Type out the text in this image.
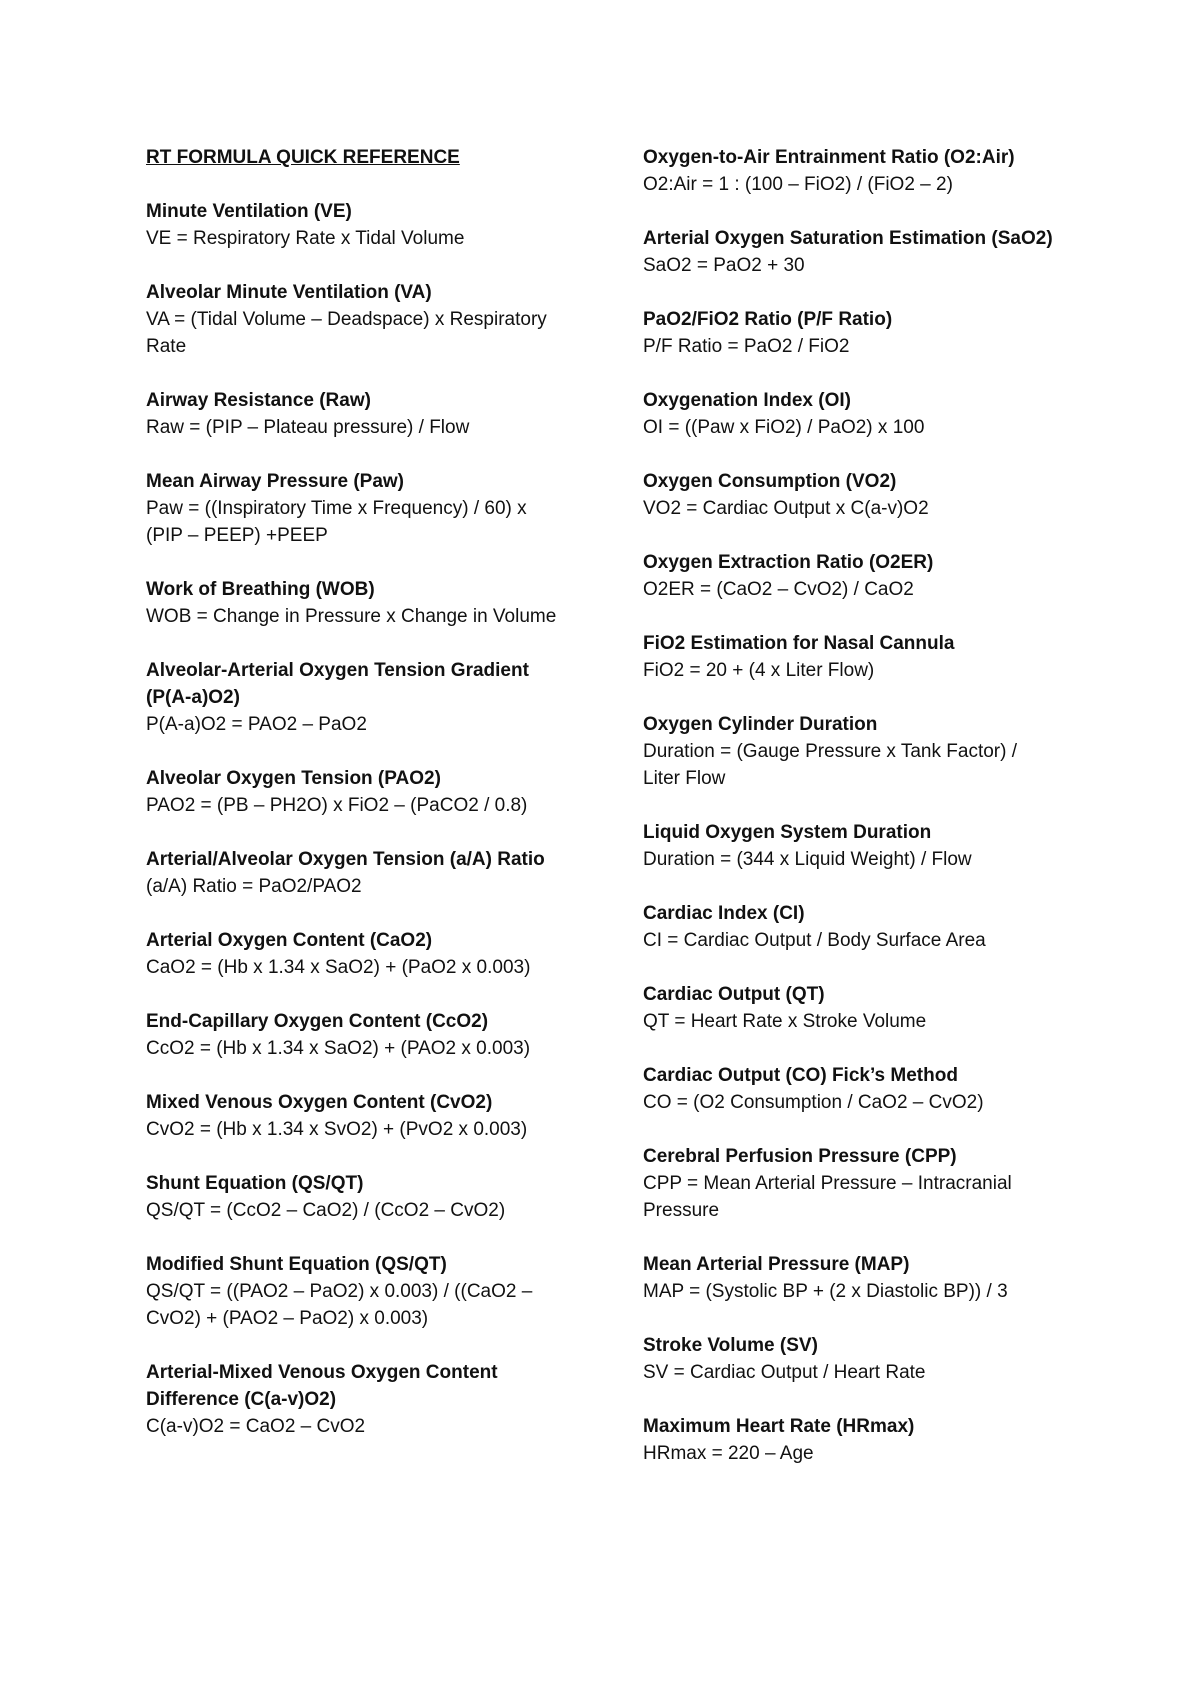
RT FORMULA QUICK REFERENCE
Minute Ventilation (VE)
VE = Respiratory Rate x Tidal Volume
Alveolar Minute Ventilation (VA)
VA = (Tidal Volume – Deadspace) x Respiratory Rate
Airway Resistance (Raw)
Raw = (PIP – Plateau pressure) / Flow
Mean Airway Pressure (Paw)
Paw = ((Inspiratory Time x Frequency) / 60) x (PIP – PEEP) +PEEP
Work of Breathing (WOB)
WOB = Change in Pressure x Change in Volume
Alveolar-Arterial Oxygen Tension Gradient (P(A-a)O2)
P(A-a)O2 = PAO2 – PaO2
Alveolar Oxygen Tension (PAO2)
PAO2 = (PB – PH2O) x FiO2 – (PaCO2 / 0.8)
Arterial/Alveolar Oxygen Tension (a/A) Ratio
(a/A) Ratio = PaO2/PAO2
Arterial Oxygen Content (CaO2)
CaO2 = (Hb x 1.34 x SaO2) + (PaO2 x 0.003)
End-Capillary Oxygen Content (CcO2)
CcO2 = (Hb x 1.34 x SaO2) + (PAO2 x 0.003)
Mixed Venous Oxygen Content (CvO2)
CvO2 = (Hb x 1.34 x SvO2) + (PvO2 x 0.003)
Shunt Equation (QS/QT)
QS/QT = (CcO2 – CaO2) / (CcO2 – CvO2)
Modified Shunt Equation (QS/QT)
QS/QT = ((PAO2 – PaO2) x 0.003) / ((CaO2 – CvO2) + (PAO2 – PaO2) x 0.003)
Arterial-Mixed Venous Oxygen Content Difference (C(a-v)O2)
C(a-v)O2 = CaO2 – CvO2
Oxygen-to-Air Entrainment Ratio (O2:Air)
O2:Air = 1 : (100 – FiO2) / (FiO2 – 2)
Arterial Oxygen Saturation Estimation (SaO2)
SaO2 = PaO2 + 30
PaO2/FiO2 Ratio (P/F Ratio)
P/F Ratio = PaO2 / FiO2
Oxygenation Index (OI)
OI = ((Paw x FiO2) / PaO2) x 100
Oxygen Consumption (VO2)
VO2 = Cardiac Output x C(a-v)O2
Oxygen Extraction Ratio (O2ER)
O2ER = (CaO2 – CvO2) / CaO2
FiO2 Estimation for Nasal Cannula
FiO2 = 20 + (4 x Liter Flow)
Oxygen Cylinder Duration
Duration = (Gauge Pressure x Tank Factor) / Liter Flow
Liquid Oxygen System Duration
Duration = (344 x Liquid Weight) / Flow
Cardiac Index (CI)
CI = Cardiac Output / Body Surface Area
Cardiac Output (QT)
QT = Heart Rate x Stroke Volume
Cardiac Output (CO) Fick’s Method
CO = (O2 Consumption / CaO2 – CvO2)
Cerebral Perfusion Pressure (CPP)
CPP = Mean Arterial Pressure – Intracranial Pressure
Mean Arterial Pressure (MAP)
MAP = (Systolic BP + (2 x Diastolic BP)) / 3
Stroke Volume (SV)
SV = Cardiac Output / Heart Rate
Maximum Heart Rate (HRmax)
HRmax = 220 – Age
